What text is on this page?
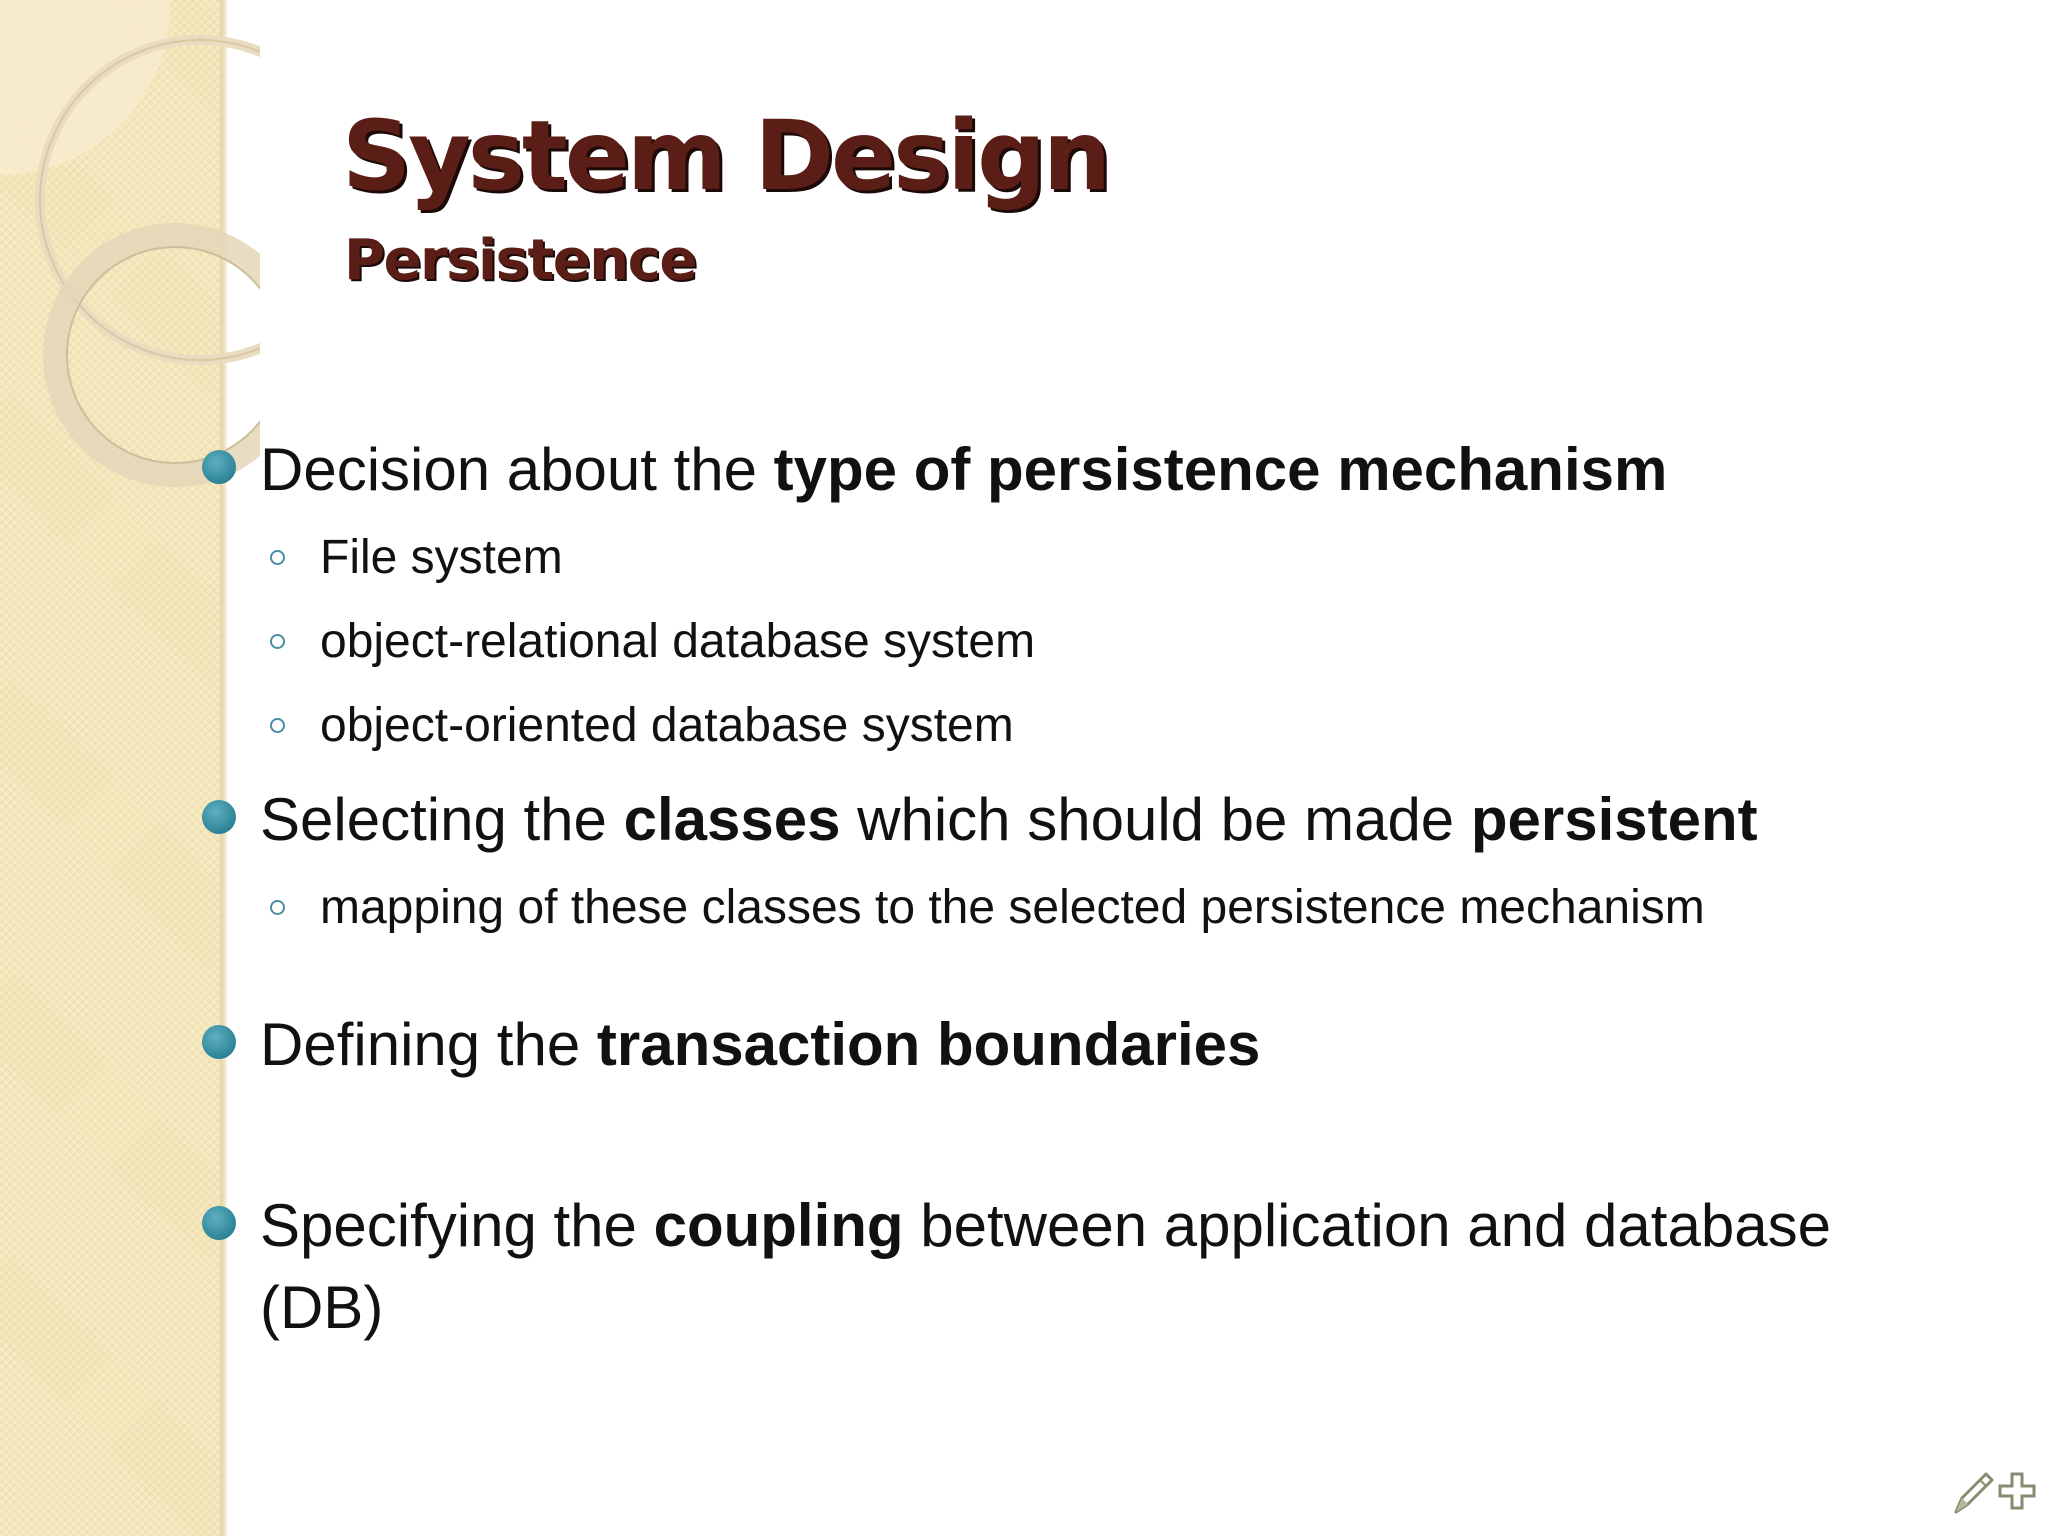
System Design
Persistence
Decision about the type of persistence mechanism
File system
object-relational database system
object-oriented database system
Selecting the classes which should be made persistent
mapping of these classes to the selected persistence mechanism
Defining the transaction boundaries
Specifying the coupling between application and database
(DB)
